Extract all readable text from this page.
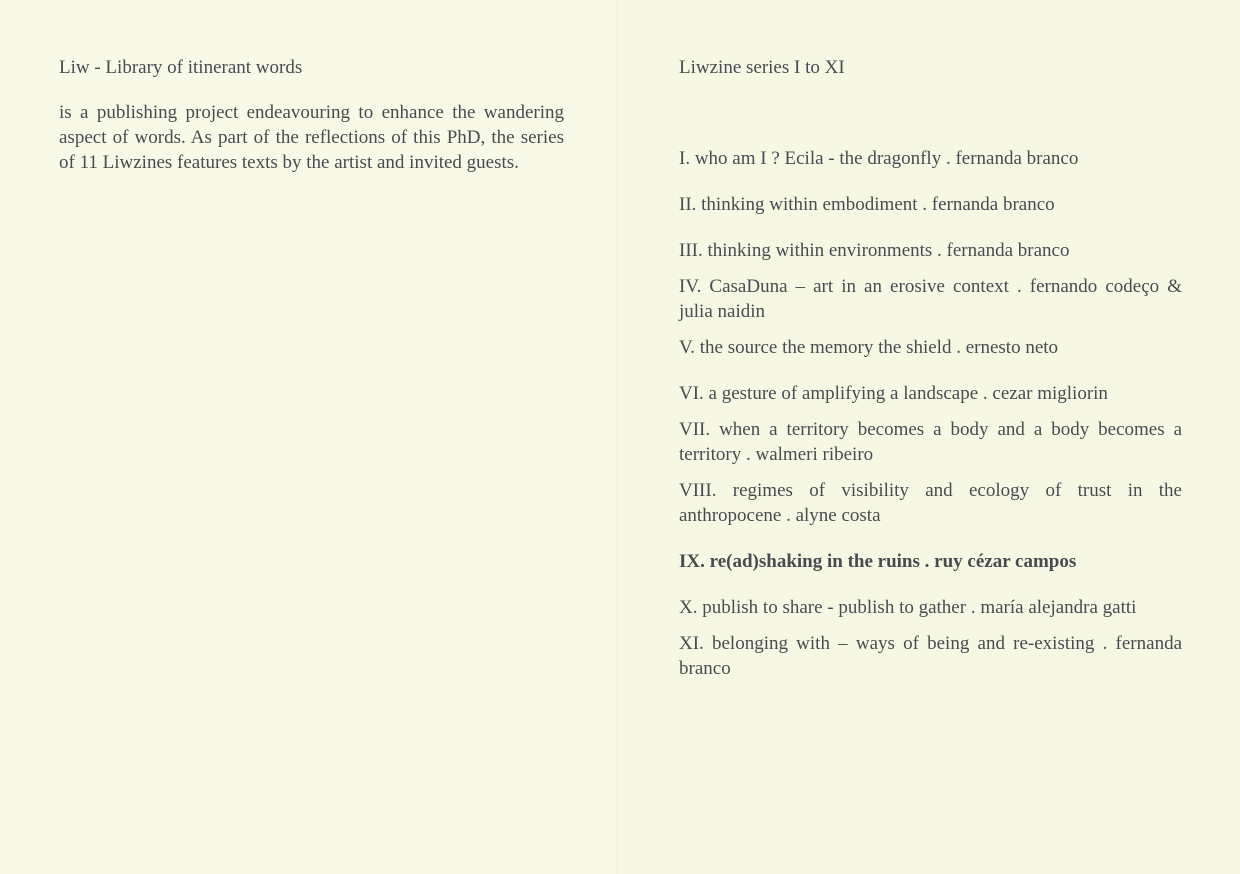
Liw - Library of itinerant words

is a publishing project endeavouring to enhance the wandering aspect of words. As part of the reflections of this PhD, the series of 11 Liwzines features texts by the artist and invited guests.

Liwzine series I to XI
I. who am I ? Ecila - the dragonfly . fernanda branco
II. thinking within embodiment . fernanda branco
III. thinking within environments . fernanda branco
IV. CasaDuna – art in an erosive context . fernando codeço & julia naidin
V. the source the memory the shield . ernesto neto
VI. a gesture of amplifying a landscape . cezar migliorin
VII. when a territory becomes a body and a body becomes a territory . walmeri ribeiro
VIII. regimes of visibility and ecology of trust in the anthropocene . alyne costa
IX. re(ad)shaking in the ruins . ruy cézar campos
X. publish to share - publish to gather . maría alejandra gatti
XI. belonging with – ways of being and re-existing . fernanda branco
